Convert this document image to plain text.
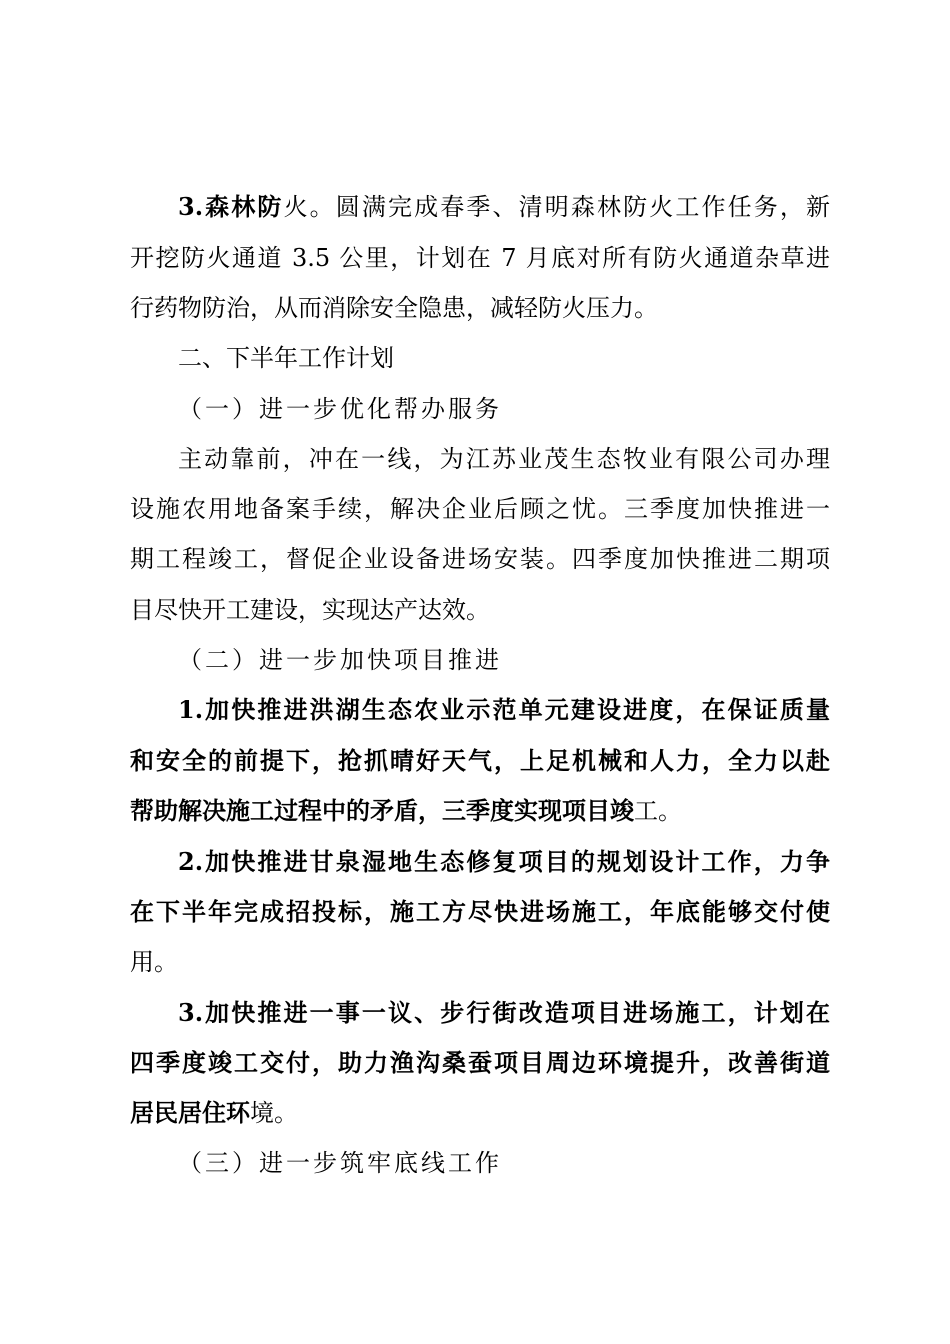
3.森林防火。圆满完成春季、清明森林防火工作任务，新
开挖防火通道 3.5 公里，计划在 7 月底对所有防火通道杂草进
行药物防治，从而消除安全隐患，减轻防火压力。
二、下半年工作计划
（一）进一步优化帮办服务
主动靠前，冲在一线，为江苏业茂生态牧业有限公司办理
设施农用地备案手续，解决企业后顾之忧。三季度加快推进一
期工程竣工，督促企业设备进场安装。四季度加快推进二期项
目尽快开工建设，实现达产达效。
（二）进一步加快项目推进
1.加快推进洪湖生态农业示范单元建设进度，在保证质量
和安全的前提下，抢抓晴好天气，上足机械和人力，全力以赴
帮助解决施工过程中的矛盾，三季度实现项目竣工。
2.加快推进甘泉湿地生态修复项目的规划设计工作，力争
在下半年完成招投标，施工方尽快进场施工，年底能够交付使
用。
3.加快推进一事一议、步行街改造项目进场施工，计划在
四季度竣工交付，助力渔沟桑蚕项目周边环境提升，改善街道
居民居住环境。
（三）进一步筑牢底线工作
